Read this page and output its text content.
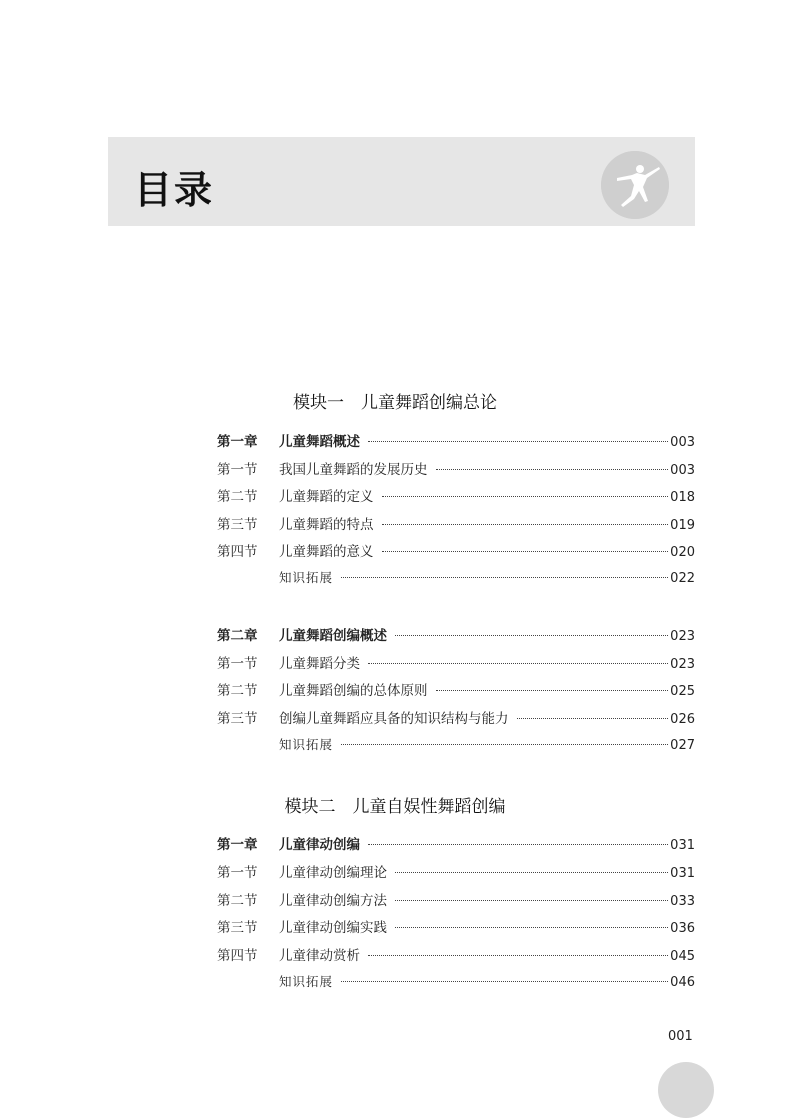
目录
模块一　儿童舞蹈创编总论
第一章	儿童舞蹈概述	003
第一节	我国儿童舞蹈的发展历史	003
第二节	儿童舞蹈的定义	018
第三节	儿童舞蹈的特点	019
第四节	儿童舞蹈的意义	020
知识拓展	022
第二章	儿童舞蹈创编概述	023
第一节	儿童舞蹈分类	023
第二节	儿童舞蹈创编的总体原则	025
第三节	创编儿童舞蹈应具备的知识结构与能力	026
知识拓展	027
模块二　儿童自娱性舞蹈创编
第一章	儿童律动创编	031
第一节	儿童律动创编理论	031
第二节	儿童律动创编方法	033
第三节	儿童律动创编实践	036
第四节	儿童律动赏析	045
知识拓展	046
001
